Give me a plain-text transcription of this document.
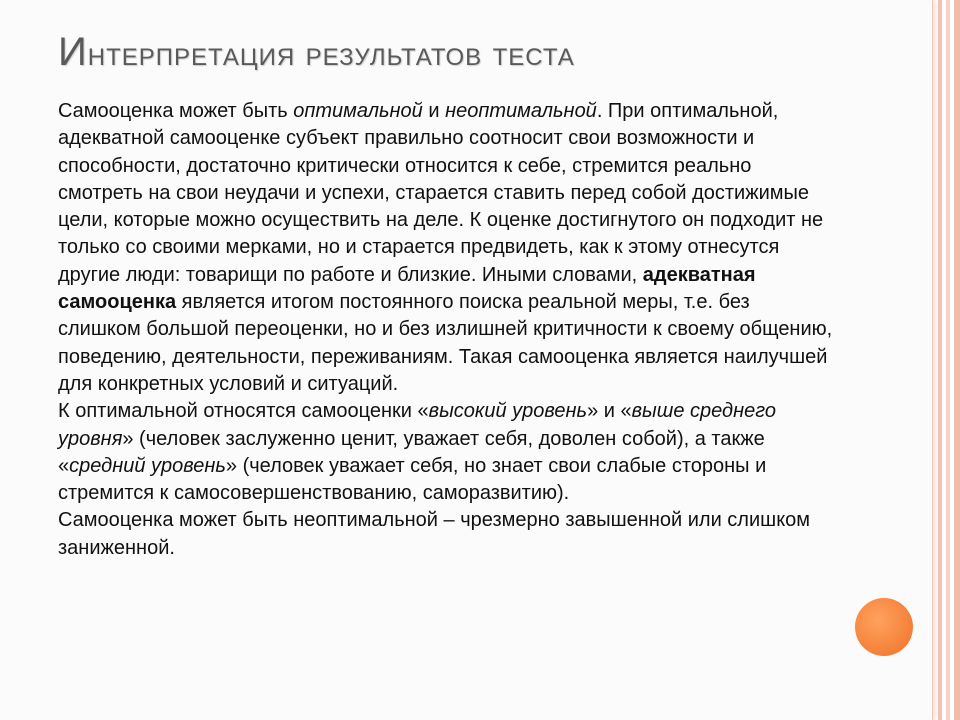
Интерпретация результатов теста

Самооценка может быть оптимальной и неоптимальной. При оптимальной, адекватной самооценке субъект правильно соотносит свои возможности и способности, достаточно критически относится к себе, стремится реально смотреть на свои неудачи и успехи, старается ставить перед собой достижимые цели, которые можно осуществить на деле. К оценке достигнутого он подходит не только со своими мерками, но и старается предвидеть, как к этому отнесутся другие люди: товарищи по работе и близкие. Иными словами, адекватная самооценка является итогом постоянного поиска реальной меры, т.е. без слишком большой переоценки, но и без излишней критичности к своему общению, поведению, деятельности, переживаниям. Такая самооценка является наилучшей для конкретных условий и ситуаций.

К оптимальной относятся самооценки «высокий уровень» и «выше среднего уровня» (человек заслуженно ценит, уважает себя, доволен собой), а также «средний уровень» (человек уважает себя, но знает свои слабые стороны и стремится к самосовершенствованию, саморазвитию).

Самооценка может быть неоптимальной – чрезмерно завышенной или слишком заниженной.
